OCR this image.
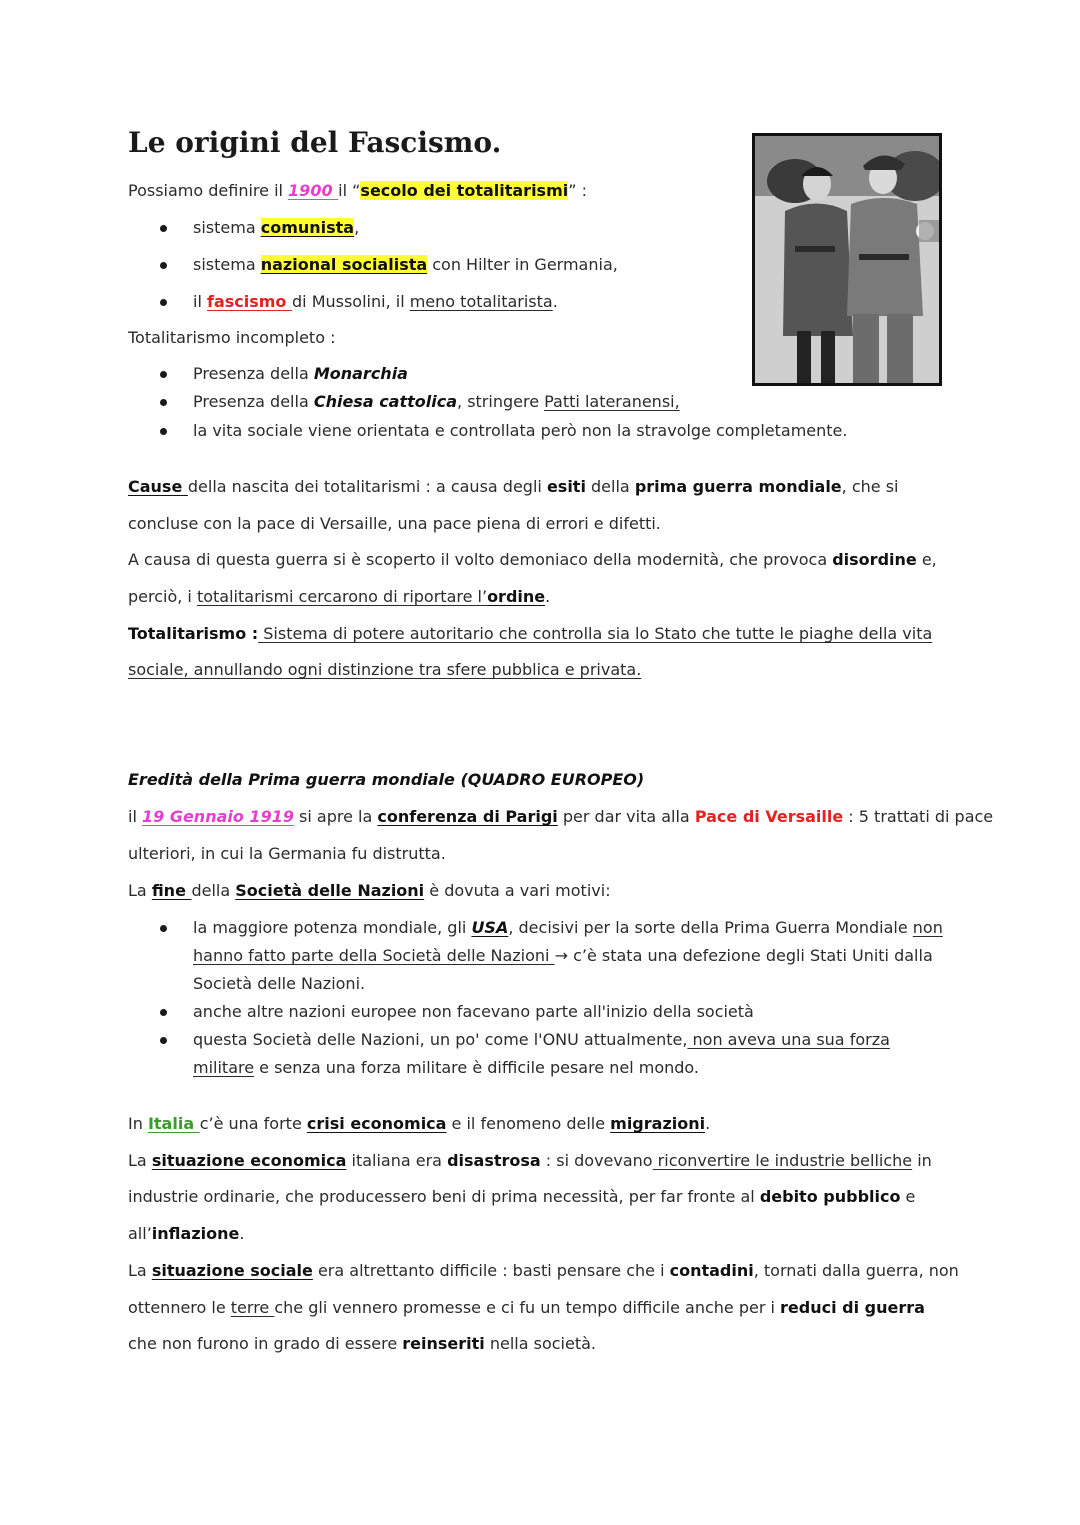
Le origini del Fascismo.
Possiamo definire il 1900 il “secolo dei totalitarismi” :
sistema comunista,
sistema nazional socialista con Hilter in Germania,
il fascismo di Mussolini, il meno totalitarista.
Totalitarismo incompleto :
Presenza della Monarchia
Presenza della Chiesa cattolica, stringere Patti lateranensi,
la vita sociale viene orientata e controllata però non la stravolge completamente.
Cause della nascita dei totalitarismi : a causa degli esiti della prima guerra mondiale, che si
concluse con la pace di Versaille, una pace piena di errori e difetti.
A causa di questa guerra si è scoperto il volto demoniaco della modernità, che provoca disordine e,
perciò, i totalitarismi cercarono di riportare l’ordine.
Totalitarismo : Sistema di potere autoritario che controlla sia lo Stato che tutte le piaghe della vita
sociale, annullando ogni distinzione tra sfere pubblica e privata.
Eredità della Prima guerra mondiale (QUADRO EUROPEO)
il 19 Gennaio 1919 si apre la conferenza di Parigi per dar vita alla Pace di Versaille : 5 trattati di pace
ulteriori, in cui la Germania fu distrutta.
La fine della Società delle Nazioni è dovuta a vari motivi:
la maggiore potenza mondiale, gli USA, decisivi per la sorte della Prima Guerra Mondiale non
hanno fatto parte della Società delle Nazioni → c’è stata una defezione degli Stati Uniti dalla
Società delle Nazioni.
anche altre nazioni europee non facevano parte all'inizio della società
questa Società delle Nazioni, un po' come l'ONU attualmente, non aveva una sua forza
militare e senza una forza militare è difficile pesare nel mondo.
In Italia c’è una forte crisi economica e il fenomeno delle migrazioni.
La situazione economica italiana era disastrosa : si dovevano riconvertire le industrie belliche in
industrie ordinarie, che producessero beni di prima necessità, per far fronte al debito pubblico e
all’inflazione.
La situazione sociale era altrettanto difficile : basti pensare che i contadini, tornati dalla guerra, non
ottennero le terre che gli vennero promesse e ci fu un tempo difficile anche per i reduci di guerra
che non furono in grado di essere reinseriti nella società.
